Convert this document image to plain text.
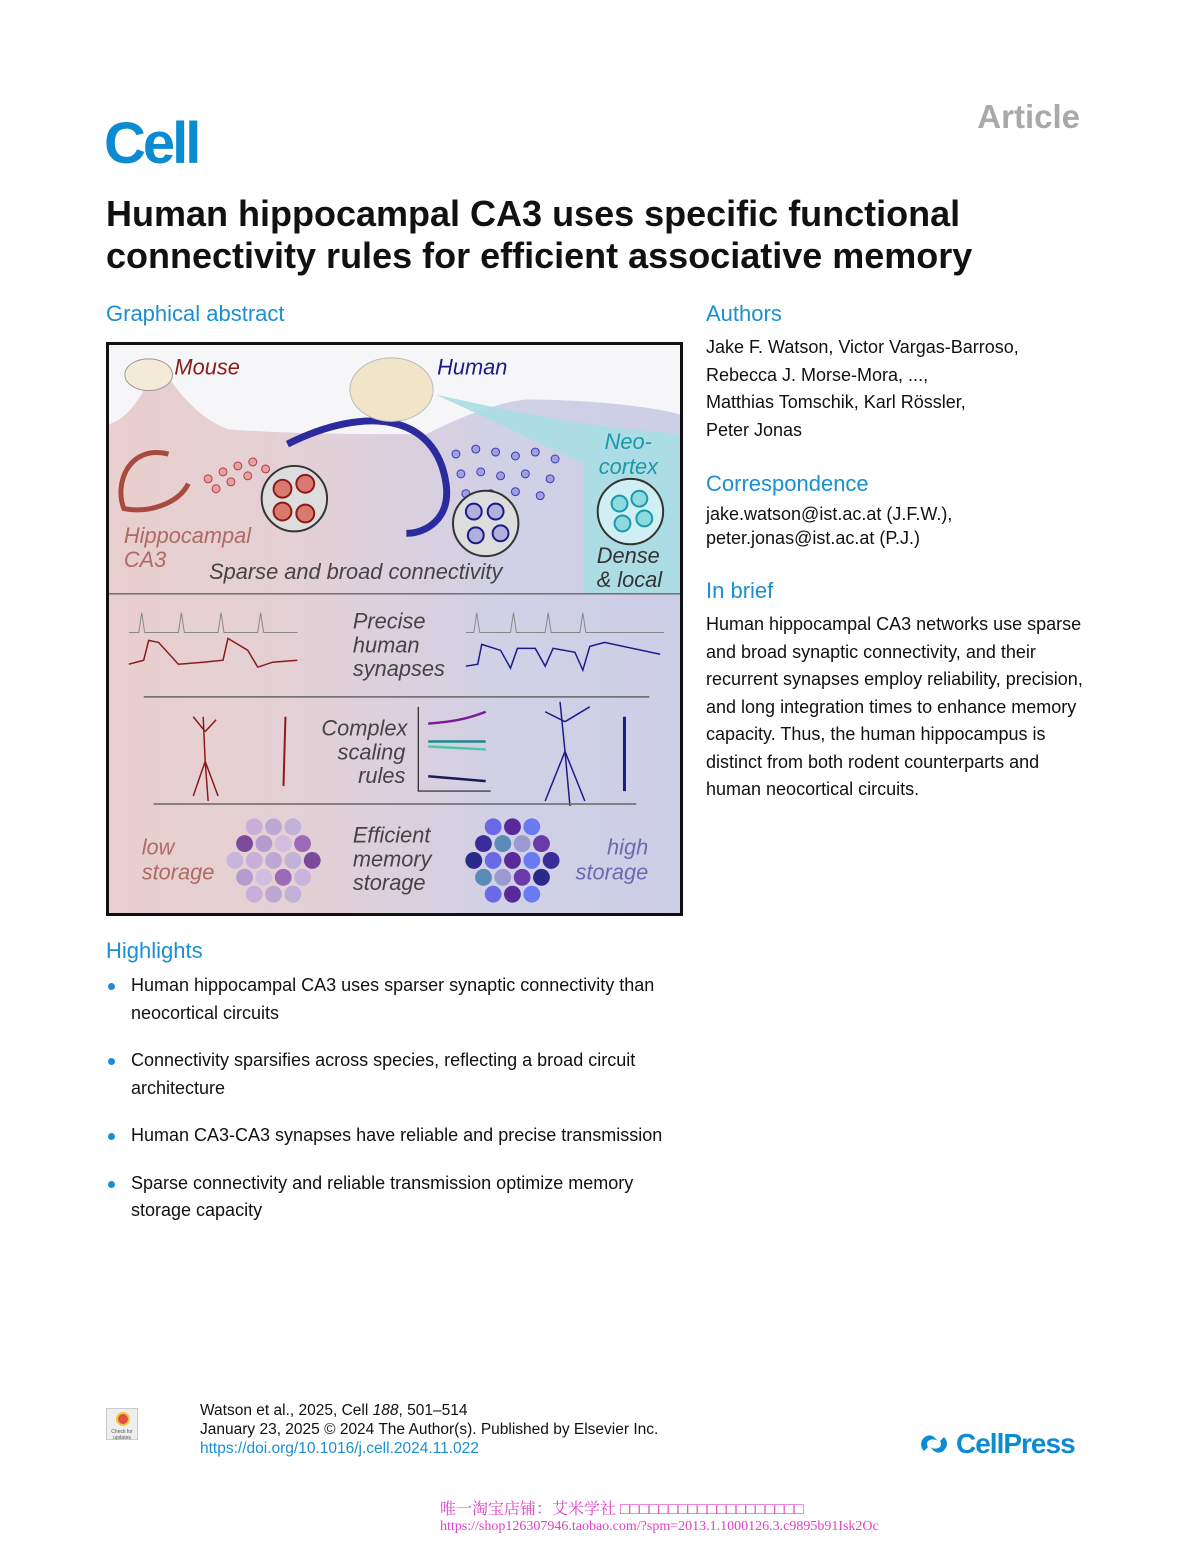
Cell	Article
Human hippocampal CA3 uses specific functional
connectivity rules for efficient associative memory
Graphical abstract
Mouse	Human
Neo-
cortex
Hippocampal
CA3 Sparse and broad connectivity
Dense
& local
Precise
human
synapses
Complex
scaling
rules
low
storage
Efficient
memory
storage
high
storage
Authors
Jake F. Watson, Victor Vargas-Barroso,
Rebecca J. Morse-Mora, ...,
Matthias Tomschik, Karl Rössler,
Peter Jonas
Correspondence
jake.watson@ist.ac.at (J.F.W.),
peter.jonas@ist.ac.at (P.J.)
In brief
Human hippocampal CA3 networks use sparse and broad synaptic connectivity, and their recurrent synapses employ reliability, precision, and long integration times to enhance memory capacity. Thus, the human hippocampus is distinct from both rodent counterparts and human neocortical circuits.
Highlights
Human hippocampal CA3 uses sparser synaptic connectivity than neocortical circuits
Connectivity sparsifies across species, reflecting a broad circuit architecture
Human CA3-CA3 synapses have reliable and precise transmission
Sparse connectivity and reliable transmission optimize memory storage capacity
Check for updates
Watson et al., 2025, Cell 188, 501–514
January 23, 2025 © 2024 The Author(s). Published by Elsevier Inc.
https://doi.org/10.1016/j.cell.2024.11.022	CellPress
唯一淘宝店铺：艾米学社 □□□□□□□□□□□□□□□□□□□
https://shop126307946.taobao.com/?spm=2013.1.1000126.3.c9895b91Isk2Oc
